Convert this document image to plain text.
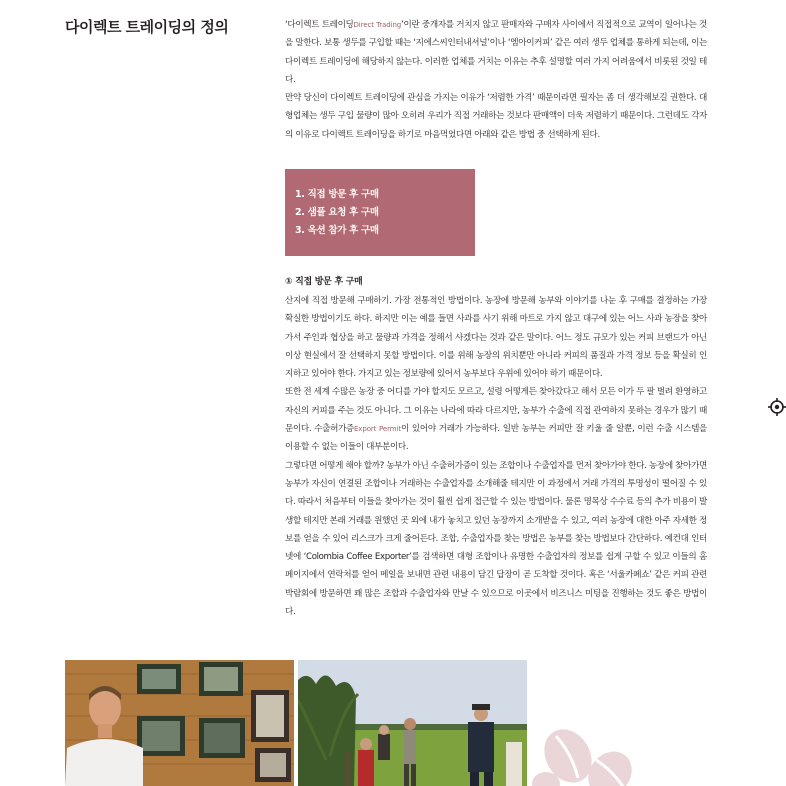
다이렉트 트레이딩의 정의	‘다이렉트 트레이딩Direct Trading’이란 중개자를 거치지 않고 판매자와 구매자 사이에서 직접적으로 교역이 일어나는 것을 말한다. 보통 생두를 구입할 때는 ‘지에스씨인터내셔널’이나 ‘엠아이커피’ 같은 여러 생두 업체를 통하게 되는데, 이는 다이렉트 트레이딩에 해당하지 않는다. 이러한 업체를 거치는 이유는 추후 설명할 여러 가지 어려움에서 비롯된 것일 테다.

만약 당신이 다이렉트 트레이딩에 관심을 가지는 이유가 ‘저렴한 가격’ 때문이라면 필자는 좀 더 생각해보길 권한다. 대형업체는 생두 구입 물량이 많아 오히려 우리가 직접 거래하는 것보다 판매액이 더욱 저렴하기 때문이다. 그런데도 각자의 이유로 다이렉트 트레이딩을 하기로 마음먹었다면 아래와 같은 방법 중 선택하게 된다.

1. 직접 방문 후 구매
2. 샘플 요청 후 구매
3. 옥션 참가 후 구매
① 직접 방문 후 구매

산지에 직접 방문해 구매하기. 가장 전통적인 방법이다. 농장에 방문해 농부와 이야기를 나눈 후 구매를 결정하는 가장 확실한 방법이기도 하다. 하지만 이는 예를 들면 사과를 사기 위해 마트로 가지 않고 대구에 있는 어느 사과 농장을 찾아가서 주인과 협상을 하고 물량과 가격을 정해서 사겠다는 것과 같은 말이다. 어느 정도 규모가 있는 커피 브랜드가 아닌 이상 현실에서 잘 선택하지 못할 방법이다. 이를 위해 농장의 위치뿐만 아니라 커피의 품질과 가격 정보 등을 확실히 인지하고 있어야 한다. 가지고 있는 정보량에 있어서 농부보다 우위에 있어야 하기 때문이다.

또한 전 세계 수많은 농장 중 어디를 가야 할지도 모르고, 설령 어떻게든 찾아갔다고 해서 모든 이가 두 팔 벌려 환영하고 자신의 커피를 주는 것도 아니다. 그 이유는 나라에 따라 다르지만, 농부가 수출에 직접 관여하지 못하는 경우가 많기 때문이다. 수출허가증Export Permit이 있어야 거래가 가능하다. 일반 농부는 커피만 잘 키울 줄 알뿐, 이런 수출 시스템을 이용할 수 없는 이들이 대부분이다.

그렇다면 어떻게 해야 할까? 농부가 아닌 수출허가증이 있는 조합이나 수출업자를 먼저 찾아가야 한다. 농장에 찾아가면 농부가 자신이 연결된 조합이나 거래하는 수출업자를 소개해줄 테지만 이 과정에서 거래 가격의 투명성이 떨어질 수 있다. 따라서 처음부터 이들을 찾아가는 것이 훨씬 쉽게 접근할 수 있는 방법이다. 물론 명목상 수수료 등의 추가 비용이 발생할 테지만 본래 거래를 원했던 곳 외에 내가 놓치고 있던 농장까지 소개받을 수 있고, 여러 농장에 대한 아주 자세한 정보를 얻을 수 있어 리스크가 크게 줄어든다. 조합, 수출업자를 찾는 방법은 농부를 찾는 방법보다 간단하다. 예컨대 인터넷에 ‘Colombia Coffee Exporter’를 검색하면 대형 조합이나 유명한 수출업자의 정보를 쉽게 구할 수 있고 이들의 홈페이지에서 연락처를 얻어 메일을 보내면 관련 내용이 담긴 답장이 곧 도착할 것이다. 혹은 ‘서울카페쇼’ 같은 커피 관련 박람회에 방문하면 꽤 많은 조합과 수출업자와 만날 수 있으므로 이곳에서 비즈니스 미팅을 진행하는 것도 좋은 방법이다.
